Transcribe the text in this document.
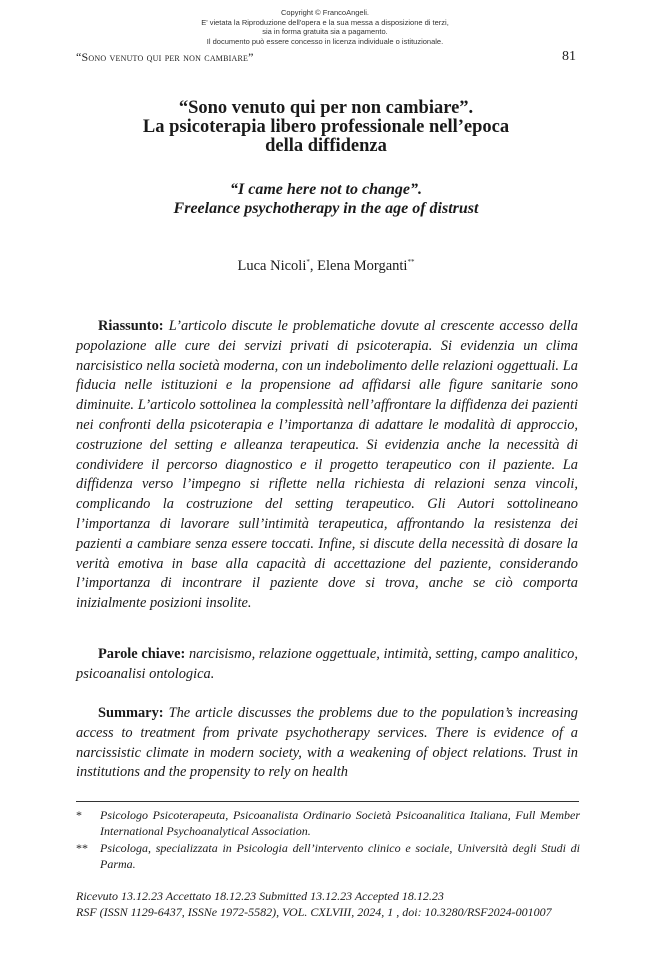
Copyright © FrancoAngeli.
E' vietata la Riproduzione dell'opera e la sua messa a disposizione di terzi,
sia in forma gratuita sia a pagamento.
Il documento può essere concesso in licenza individuale o istituzionale.
“Sono venuto qui per non cambiare”	81
“Sono venuto qui per non cambiare”.
La psicoterapia libero professionale nell’epoca
della diffidenza
“I came here not to change”.
Freelance psychotherapy in the age of distrust
Luca Nicoli*, Elena Morganti**
Riassunto: L’articolo discute le problematiche dovute al crescente accesso della popolazione alle cure dei servizi privati di psicoterapia. Si evidenzia un clima narcisistico nella società moderna, con un indebolimento delle relazioni oggettuali. La fiducia nelle istituzioni e la propensione ad affidarsi alle figure sanitarie sono diminuite. L’articolo sottolinea la complessità nell’affrontare la diffidenza dei pazienti nei confronti della psicoterapia e l’importanza di adattare le modalità di approccio, costruzione del setting e alleanza terapeutica. Si evidenzia anche la necessità di condividere il percorso diagnostico e il progetto terapeutico con il paziente. La diffidenza verso l’impegno si riflette nella richiesta di relazioni senza vincoli, complicando la costruzione del setting terapeutico. Gli Autori sottolineano l’importanza di lavorare sull’intimità terapeutica, affrontando la resistenza dei pazienti a cambiare senza essere toccati. Infine, si discute della necessità di dosare la verità emotiva in base alla capacità di accettazione del paziente, considerando l’importanza di incontrare il paziente dove si trova, anche se ciò comporta inizialmente posizioni insolite.
Parole chiave: narcisismo, relazione oggettuale, intimità, setting, campo analitico, psicoanalisi ontologica.
Summary: The article discusses the problems due to the population’s increasing access to treatment from private psychotherapy services. There is evidence of a narcissistic climate in modern society, with a weakening of object relations. Trust in institutions and the propensity to rely on health
* Psicologo Psicoterapeuta, Psicoanalista Ordinario Società Psicoanalitica Italiana, Full Member International Psychoanalytical Association.
** Psicologa, specializzata in Psicologia dell’intervento clinico e sociale, Università degli Studi di Parma.
Ricevuto 13.12.23 Accettato 18.12.23 Submitted 13.12.23 Accepted 18.12.23
RSF (ISSN 1129-6437, ISSNe 1972-5582), VOL. CXLVIII, 2024, 1 , doi: 10.3280/RSF2024-001007
